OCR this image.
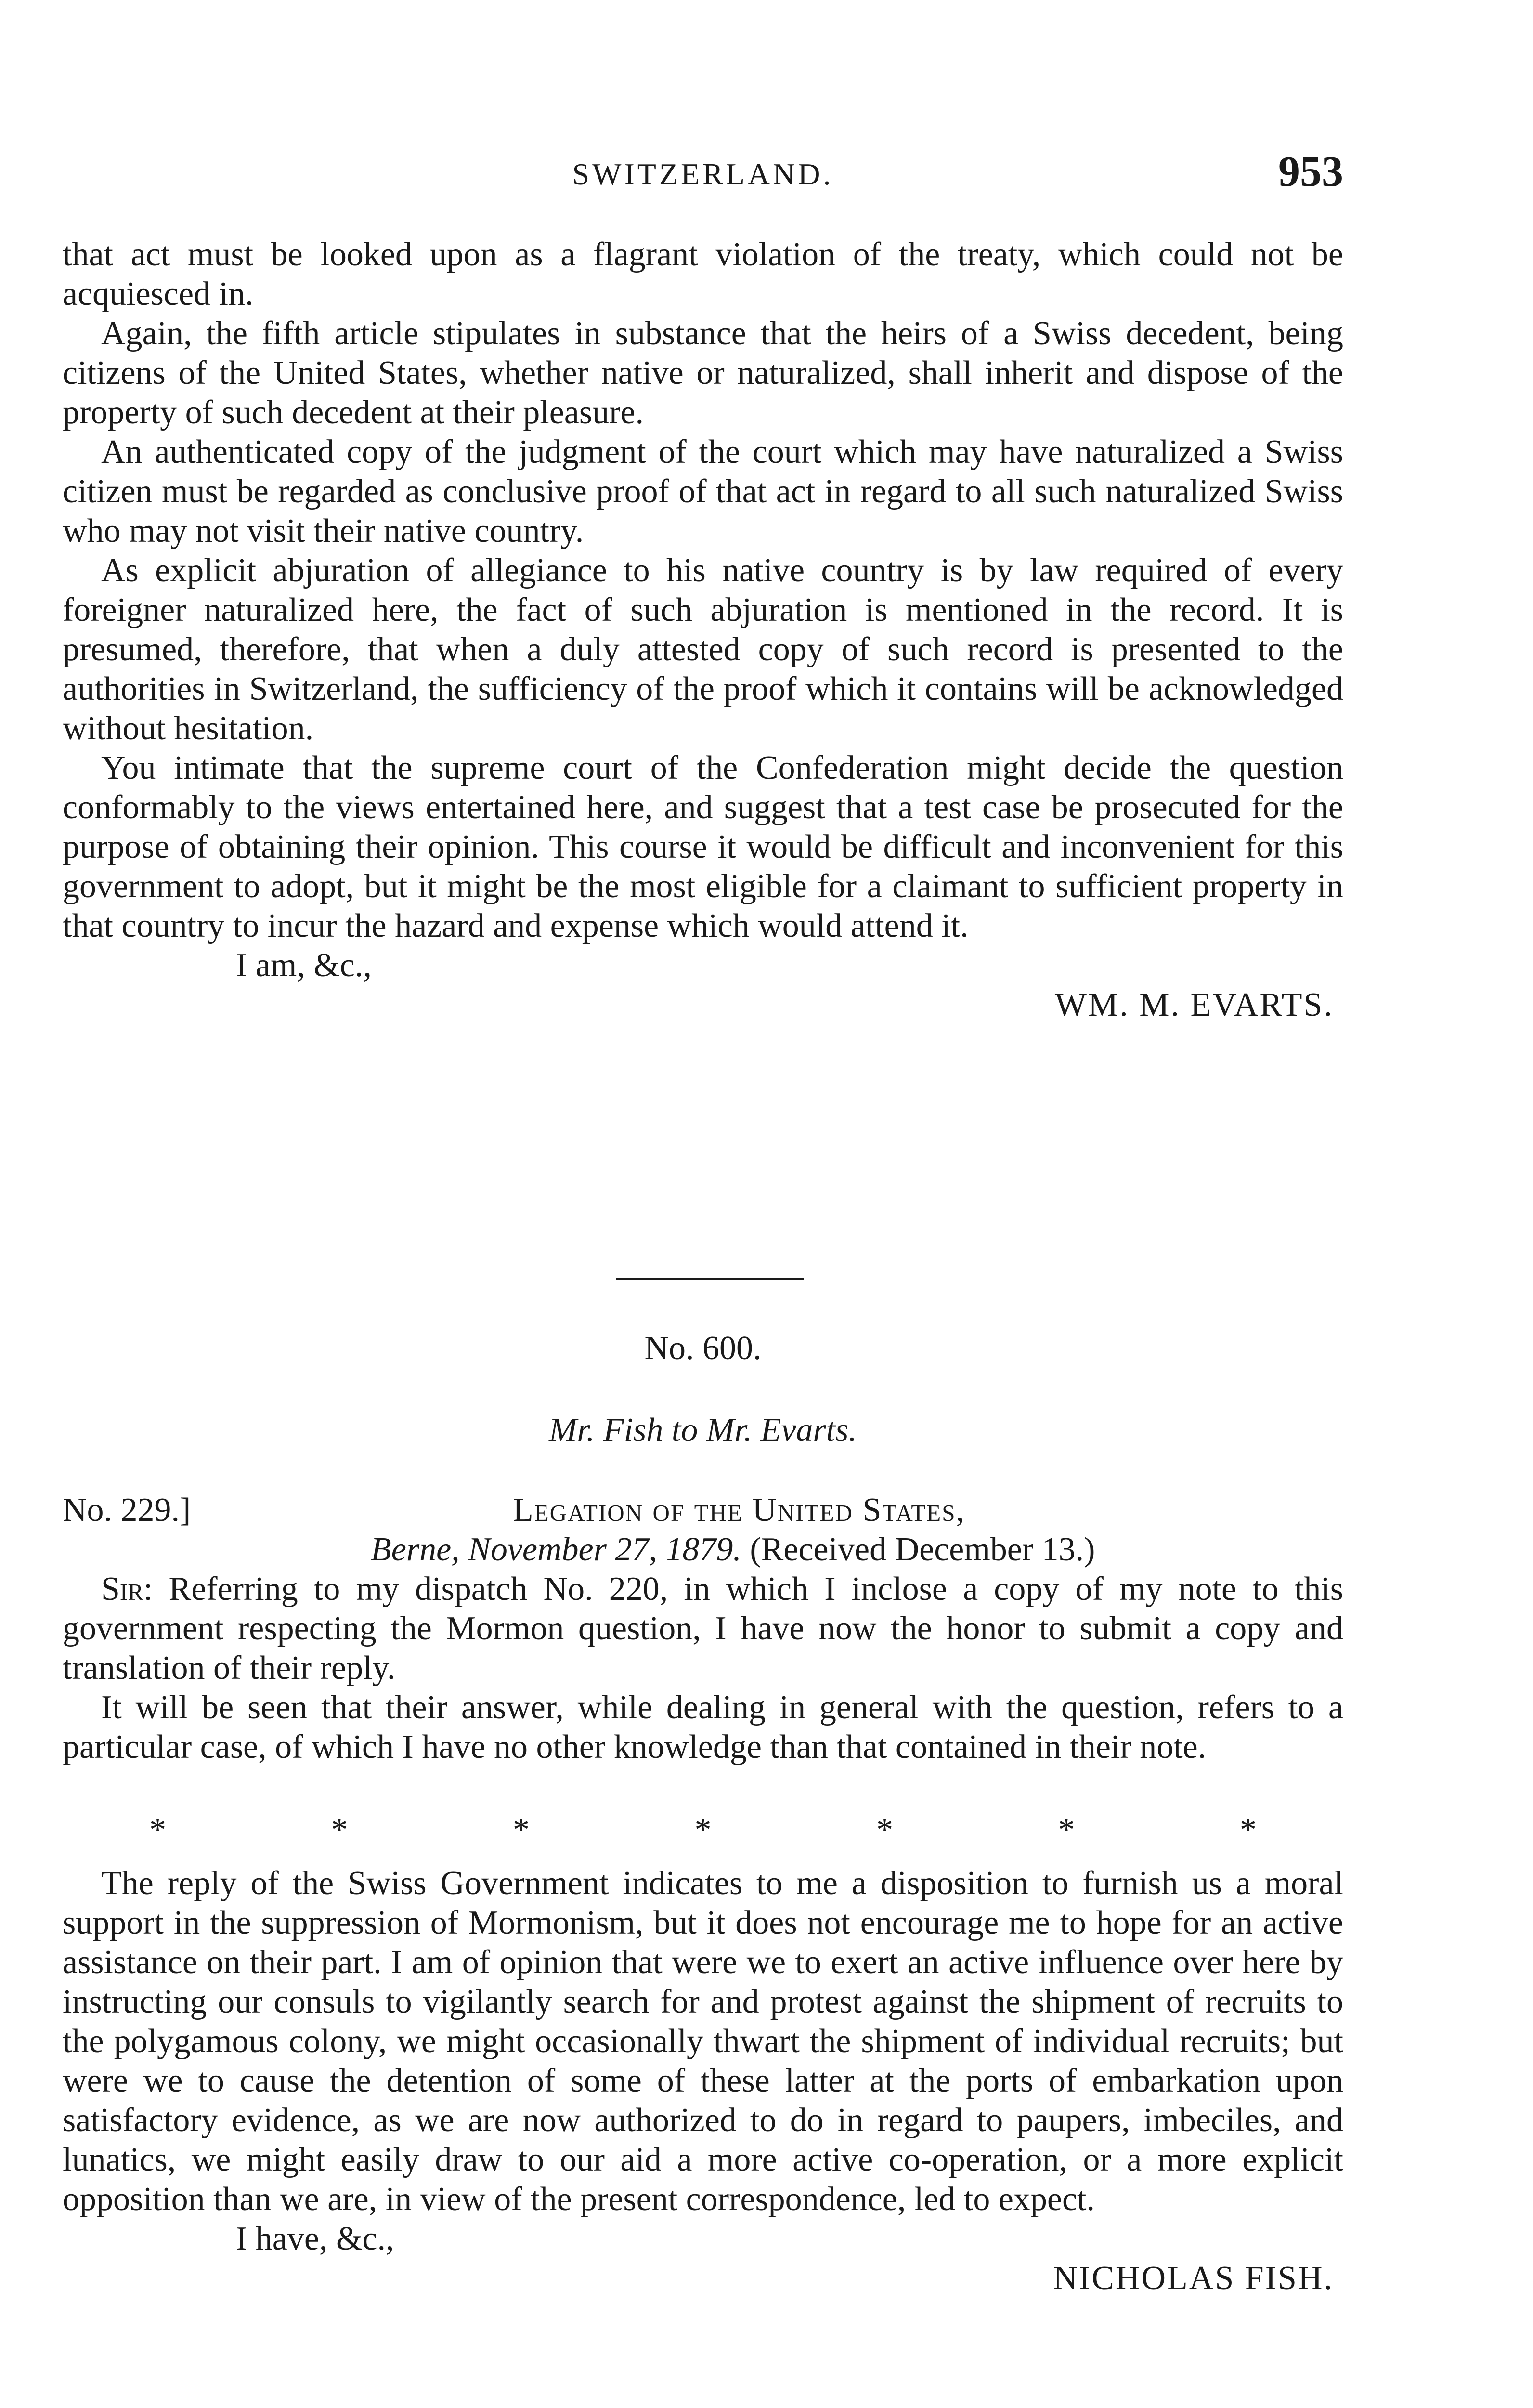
SWITZERLAND.	953

that act must be looked upon as a flagrant violation of the treaty, which could not be acquiesced in.

Again, the fifth article stipulates in substance that the heirs of a Swiss decedent, being citizens of the United States, whether native or naturalized, shall inherit and dispose of the property of such decedent at their pleasure.

An authenticated copy of the judgment of the court which may have naturalized a Swiss citizen must be regarded as conclusive proof of that act in regard to all such naturalized Swiss who may not visit their native country.

As explicit abjuration of allegiance to his native country is by law required of every foreigner naturalized here, the fact of such abjuration is mentioned in the record. It is presumed, therefore, that when a duly attested copy of such record is presented to the authorities in Switzerland, the sufficiency of the proof which it contains will be acknowledged without hesitation.

You intimate that the supreme court of the Confederation might decide the question conformably to the views entertained here, and suggest that a test case be prosecuted for the purpose of obtaining their opinion. This course it would be difficult and inconvenient for this government to adopt, but it might be the most eligible for a claimant to sufficient property in that country to incur the hazard and expense which would attend it.

I am, &c.,

WM. M. EVARTS.

No. 600.
Mr. Fish to Mr. Evarts.
No. 229.]	Legation of the United States,
Berne, November 27, 1879. (Received December 13.)

Sir: Referring to my dispatch No. 220, in which I inclose a copy of my note to this government respecting the Mormon question, I have now the honor to submit a copy and translation of their reply.

It will be seen that their answer, while dealing in general with the question, refers to a particular case, of which I have no other knowledge than that contained in their note.

*	*	*	*	*	*	*

The reply of the Swiss Government indicates to me a disposition to furnish us a moral support in the suppression of Mormonism, but it does not encourage me to hope for an active assistance on their part. I am of opinion that were we to exert an active influence over here by instructing our consuls to vigilantly search for and protest against the shipment of recruits to the polygamous colony, we might occasionally thwart the shipment of individual recruits; but were we to cause the detention of some of these latter at the ports of embarkation upon satisfactory evidence, as we are now authorized to do in regard to paupers, imbeciles, and lunatics, we might easily draw to our aid a more active co-operation, or a more explicit opposition than we are, in view of the present correspondence, led to expect.

I have, &c.,

NICHOLAS FISH.
